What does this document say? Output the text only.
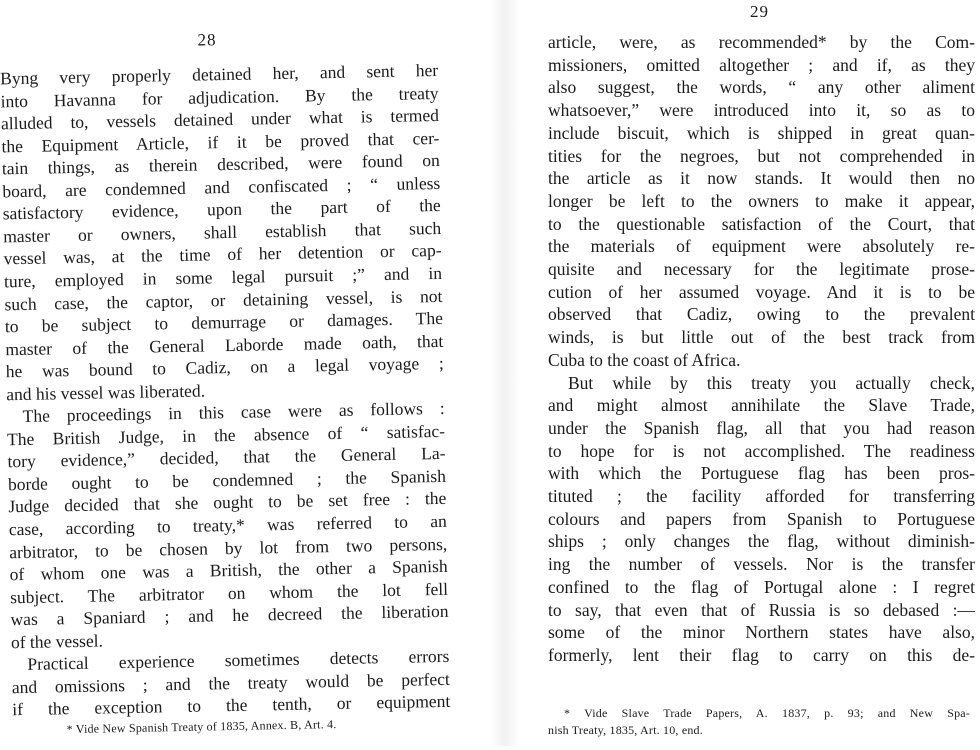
28
Byng very properly detained her, and sent her
into Havanna for adjudication. By the treaty
alluded to, vessels detained under what is termed
the Equipment Article, if it be proved that cer-
tain things, as therein described, were found on
board, are condemned and confiscated ; “ unless
satisfactory evidence, upon the part of the
master or owners, shall establish that such
vessel was, at the time of her detention or cap-
ture, employed in some legal pursuit ;” and in
such case, the captor, or detaining vessel, is not
to be subject to demurrage or damages. The
master of the General Laborde made oath, that
he was bound to Cadiz, on a legal voyage ;
and his vessel was liberated.
The proceedings in this case were as follows :
The British Judge, in the absence of “ satisfac-
tory evidence,” decided, that the General La-
borde ought to be condemned ; the Spanish
Judge decided that she ought to be set free : the
case, according to treaty,* was referred to an
arbitrator, to be chosen by lot from two persons,
of whom one was a British, the other a Spanish
subject. The arbitrator on whom the lot fell
was a Spaniard ; and he decreed the liberation
of the vessel.
Practical experience sometimes detects errors
and omissions ; and the treaty would be perfect
if the exception to the tenth, or equipment
* Vide New Spanish Treaty of 1835, Annex. B, Art. 4.
29
article, were, as recommended* by the Com-
missioners, omitted altogether ; and if, as they
also suggest, the words, “ any other aliment
whatsoever,” were introduced into it, so as to
include biscuit, which is shipped in great quan-
tities for the negroes, but not comprehended in
the article as it now stands. It would then no
longer be left to the owners to make it appear,
to the questionable satisfaction of the Court, that
the materials of equipment were absolutely re-
quisite and necessary for the legitimate prose-
cution of her assumed voyage. And it is to be
observed that Cadiz, owing to the prevalent
winds, is but little out of the best track from
Cuba to the coast of Africa.
But while by this treaty you actually check,
and might almost annihilate the Slave Trade,
under the Spanish flag, all that you had reason
to hope for is not accomplished. The readiness
with which the Portuguese flag has been pros-
tituted ; the facility afforded for transferring
colours and papers from Spanish to Portuguese
ships ; only changes the flag, without diminish-
ing the number of vessels. Nor is the transfer
confined to the flag of Portugal alone : I regret
to say, that even that of Russia is so debased :—
some of the minor Northern states have also,
formerly, lent their flag to carry on this de-
* Vide Slave Trade Papers, A. 1837, p. 93; and New Spa-
nish Treaty, 1835, Art. 10, end.
